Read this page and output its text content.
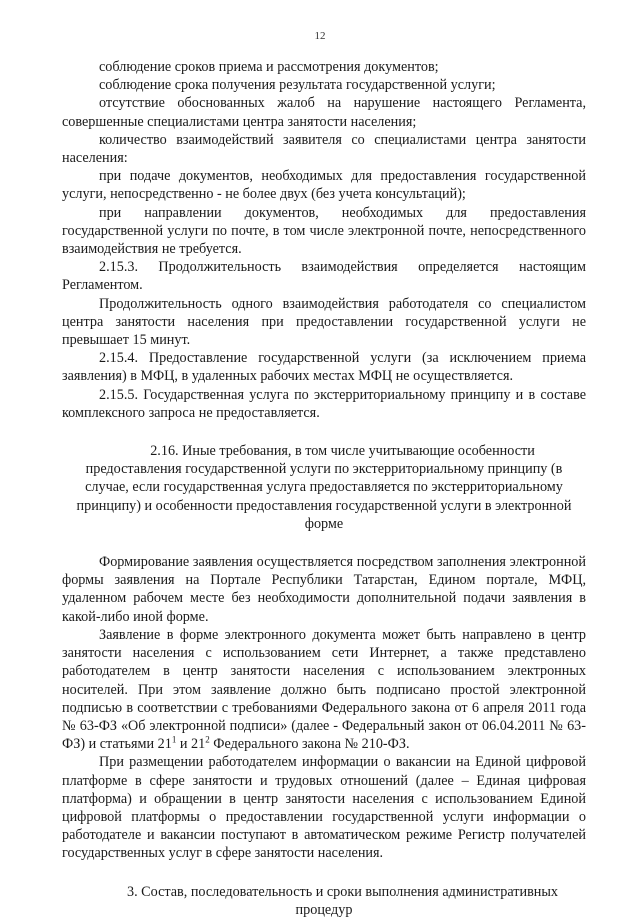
12

соблюдение сроков приема и рассмотрения документов;

соблюдение срока получения результата государственной услуги;

отсутствие обоснованных жалоб на нарушение настоящего Регламента, совершенные специалистами центра занятости населения;

количество взаимодействий заявителя со специалистами центра занятости населения:

при подаче документов, необходимых для предоставления государственной услуги, непосредственно - не более двух (без учета консультаций);

при направлении документов, необходимых для предоставления государственной услуги по почте, в том числе электронной почте, непосредственного взаимодействия не требуется.

2.15.3. Продолжительность взаимодействия определяется настоящим Регламентом.

Продолжительность одного взаимодействия работодателя со специалистом центра занятости населения при предоставлении государственной услуги не превышает 15 минут.

2.15.4. Предоставление государственной услуги (за исключением приема заявления) в МФЦ, в удаленных рабочих местах МФЦ не осуществляется.

2.15.5. Государственная услуга по экстерриториальному принципу и в составе комплексного запроса не предоставляется.

2.16. Иные требования, в том числе учитывающие особенности предоставления государственной услуги по экстерриториальному принципу (в случае, если государственная услуга предоставляется по экстерриториальному принципу) и особенности предоставления государственной услуги в электронной форме

Формирование заявления осуществляется посредством заполнения электронной формы заявления на Портале Республики Татарстан, Едином портале, МФЦ, удаленном рабочем месте без необходимости дополнительной подачи заявления в какой-либо иной форме.

Заявление в форме электронного документа может быть направлено в центр занятости населения с использованием сети Интернет, а также представлено работодателем в центр занятости населения с использованием электронных носителей. При этом заявление должно быть подписано простой электронной подписью в соответствии с требованиями Федерального закона от 6 апреля 2011 года № 63-ФЗ «Об электронной подписи» (далее - Федеральный закон от 06.04.2011 № 63-ФЗ) и статьями $21^1$ и $21^2$ Федерального закона № 210-ФЗ.

При размещении работодателем информации о вакансии на Единой цифровой платформе в сфере занятости и трудовых отношений (далее – Единая цифровая платформа) и обращении в центр занятости населения с использованием Единой цифровой платформы о предоставлении государственной услуги информации о работодателе и вакансии поступают в автоматическом режиме Регистр получателей государственных услуг в сфере занятости населения.

3. Состав, последовательность и сроки выполнения административных процедур
